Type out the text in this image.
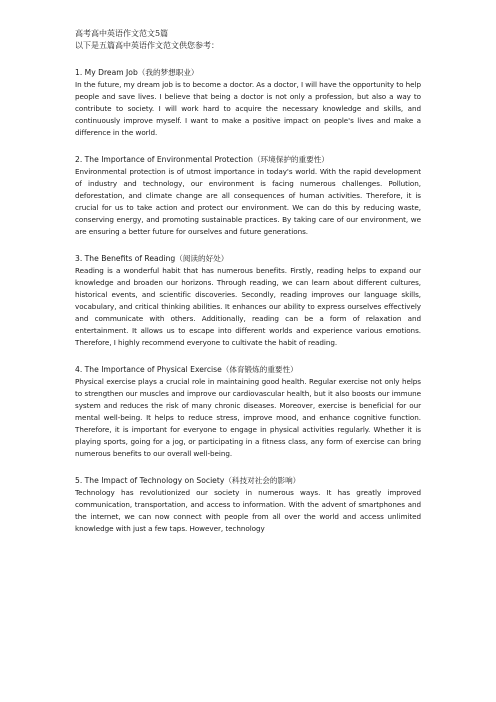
高考高中英语作文范文5篇

以下是五篇高中英语作文范文供您参考：

1. My Dream Job（我的梦想职业）

In the future, my dream job is to become a doctor. As a doctor, I will have the opportunity to help people and save lives. I believe that being a doctor is not only a profession, but also a way to contribute to society. I will work hard to acquire the necessary knowledge and skills, and continuously improve myself. I want to make a positive impact on people's lives and make a difference in the world.

2. The Importance of Environmental Protection（环境保护的重要性）

Environmental protection is of utmost importance in today's world. With the rapid development of industry and technology, our environment is facing numerous challenges. Pollution, deforestation, and climate change are all consequences of human activities. Therefore, it is crucial for us to take action and protect our environment. We can do this by reducing waste, conserving energy, and promoting sustainable practices. By taking care of our environment, we are ensuring a better future for ourselves and future generations.

3. The Benefits of Reading（阅读的好处）

Reading is a wonderful habit that has numerous benefits. Firstly, reading helps to expand our knowledge and broaden our horizons. Through reading, we can learn about different cultures, historical events, and scientific discoveries. Secondly, reading improves our language skills, vocabulary, and critical thinking abilities. It enhances our ability to express ourselves effectively and communicate with others. Additionally, reading can be a form of relaxation and entertainment. It allows us to escape into different worlds and experience various emotions. Therefore, I highly recommend everyone to cultivate the habit of reading.

4. The Importance of Physical Exercise（体育锻炼的重要性）

Physical exercise plays a crucial role in maintaining good health. Regular exercise not only helps to strengthen our muscles and improve our cardiovascular health, but it also boosts our immune system and reduces the risk of many chronic diseases. Moreover, exercise is beneficial for our mental well-being. It helps to reduce stress, improve mood, and enhance cognitive function. Therefore, it is important for everyone to engage in physical activities regularly. Whether it is playing sports, going for a jog, or participating in a fitness class, any form of exercise can bring numerous benefits to our overall well-being.

5. The Impact of Technology on Society（科技对社会的影响）

Technology has revolutionized our society in numerous ways. It has greatly improved communication, transportation, and access to information. With the advent of smartphones and the internet, we can now connect with people from all over the world and access unlimited knowledge with just a few taps. However, technology
